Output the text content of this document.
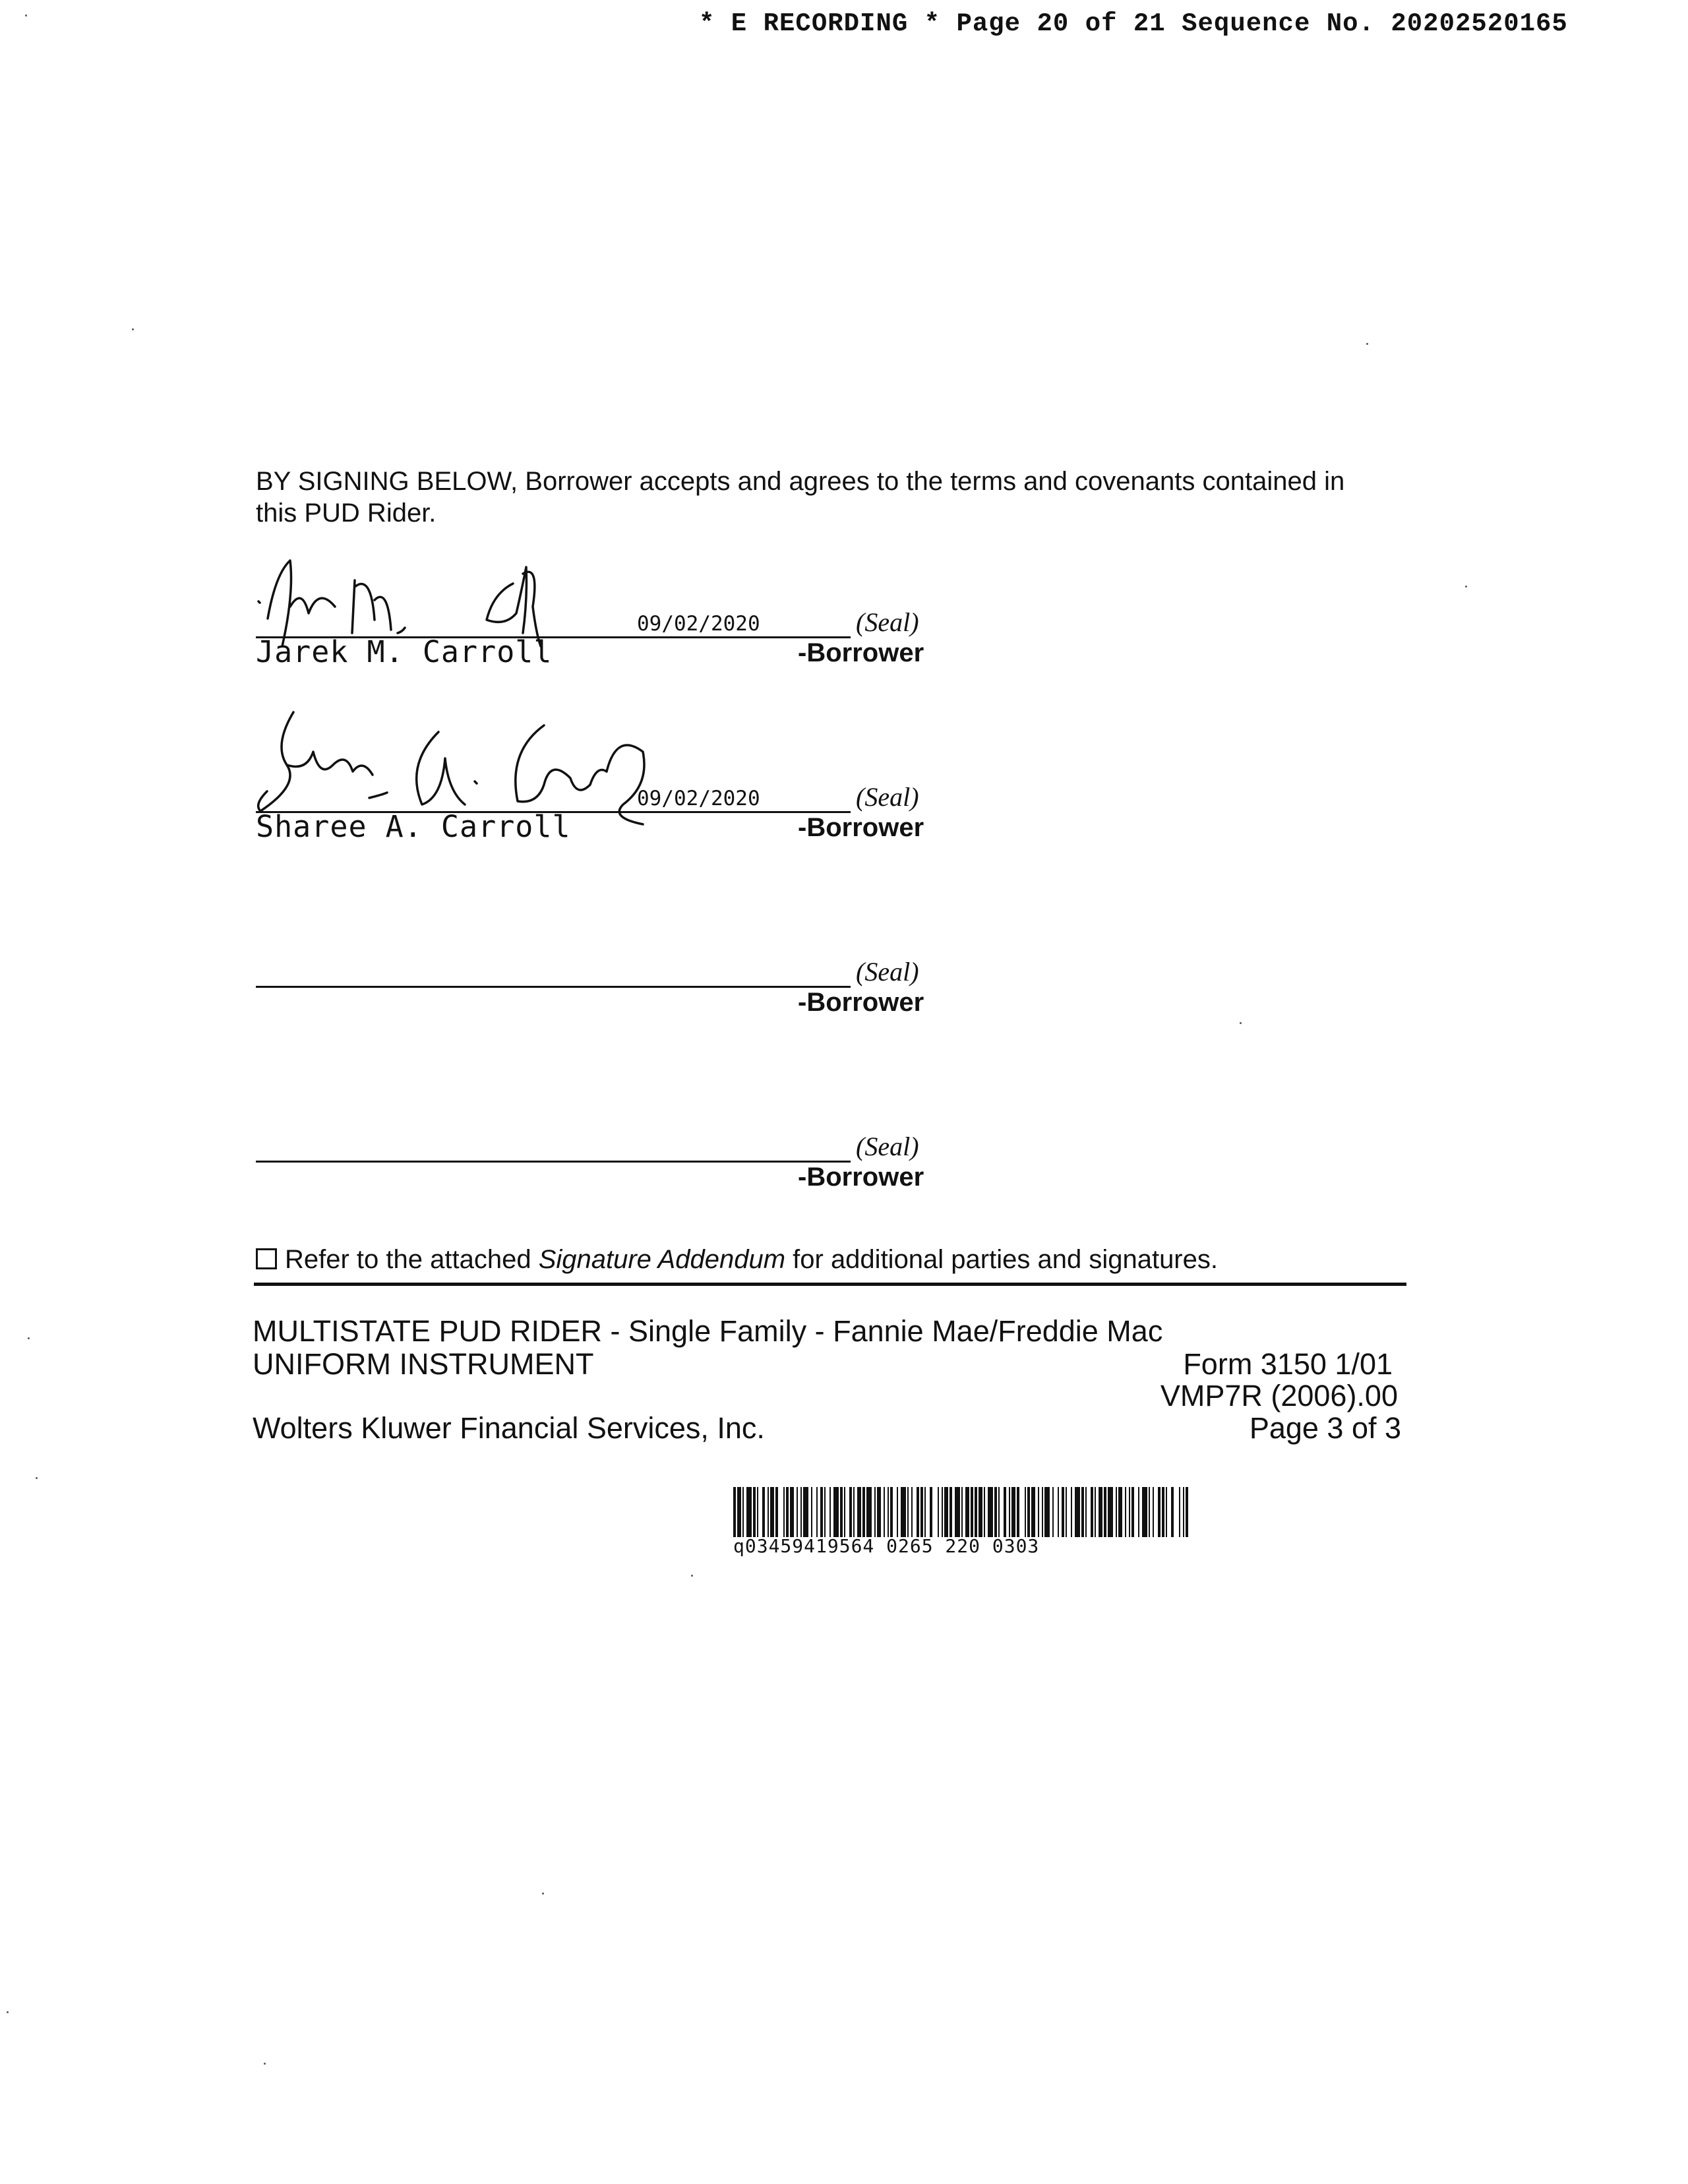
* E RECORDING * Page 20 of 21 Sequence No. 20202520165
BY SIGNING BELOW, Borrower accepts and agrees to the terms and covenants contained in this PUD Rider.
09/02/2020	(Seal)
Jarek M. Carroll	-Borrower
09/02/2020	(Seal)
Sharee A. Carroll	-Borrower
(Seal)
-Borrower
(Seal)
-Borrower
Refer to the attached Signature Addendum for additional parties and signatures.
MULTISTATE PUD RIDER - Single Family - Fannie Mae/Freddie Mac
UNIFORM INSTRUMENT	Form 3150 1/01
VMP7R (2006).00
Wolters Kluwer Financial Services, Inc.	Page 3 of 3
q03459419564 0265 220 0303
